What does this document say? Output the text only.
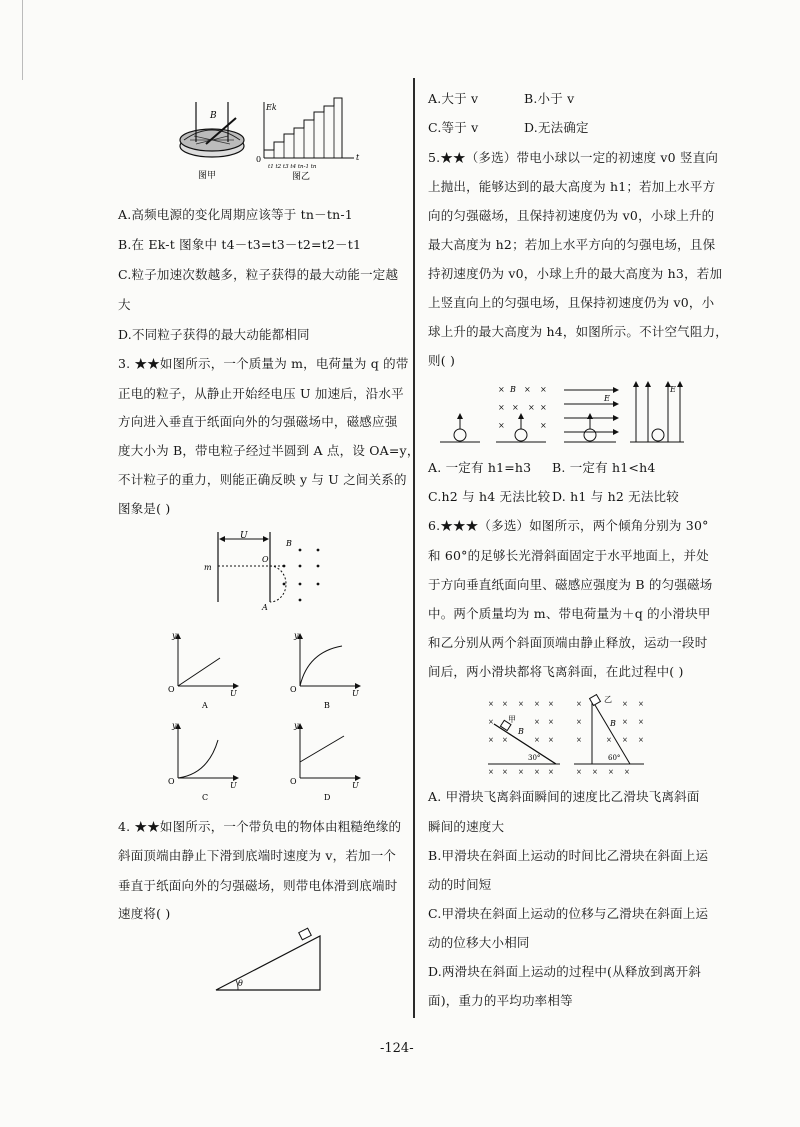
B
图甲
Ek
0	t
t1 t2 t3 t4 tn-1 tn
图乙
A.高频电源的变化周期应该等于 tn－tn-1
B.在 Ek-t 图象中 t4－t3=t3－t2=t2－t1
C.粒子加速次数越多，粒子获得的最大动能一定越
大
D.不同粒子获得的最大动能都相同
3. ★★如图所示，一个质量为 m，电荷量为 q 的带
正电的粒子，从静止开始经电压 U 加速后，沿水平
方向进入垂直于纸面向外的匀强磁场中，磁感应强
度大小为 B，带电粒子经过半圆到 A 点，设 OA=y，
不计粒子的重力，则能正确反映 y 与 U 之间关系的
图象是( )
U
O
m
A
B
y
O	U
A
y
O	U
B
y
O	U
C
y
O	U
D
4. ★★如图所示，一个带负电的物体由粗糙绝缘的
斜面顶端由静止下滑到底端时速度为 v，若加一个
垂直于纸面向外的匀强磁场，则带电体滑到底端时
速度将( )
θ
A.大于 v	B.小于 v
C.等于 v	D.无法确定
5.★★（多选）带电小球以一定的初速度 v0 竖直向
上抛出，能够达到的最大高度为 h1；若加上水平方
向的匀强磁场，且保持初速度仍为 v0，小球上升的
最大高度为 h2；若加上水平方向的匀强电场，且保
持初速度仍为 v0，小球上升的最大高度为 h3，若加
上竖直向上的匀强电场，且保持初速度仍为 v0，小
球上升的最大高度为 h4，如图所示。不计空气阻力，
则( )
× × ×
× × × ×
×	×
B
E
E
A. 一定有 h1=h3 B. 一定有 h1<h4
C.h2 与 h4 无法比较 D. h1 与 h2 无法比较
6.★★★（多选）如图所示，两个倾角分别为 30°
和 60°的足够长光滑斜面固定于水平地面上，并处
于方向垂直纸面向里、磁感应强度为 B 的匀强磁场
中。两个质量均为 m、带电荷量为＋q 的小滑块甲
和乙分别从两个斜面顶端由静止释放，运动一段时
间后，两小滑块都将飞离斜面，在此过程中( )
甲
B
30°
× × × × ×
×	× ×
× ×	× ×
× × × × ×
乙
B
60°
×	× ×
×	× ×
×	× × ×
× × × ×
A. 甲滑块飞离斜面瞬间的速度比乙滑块飞离斜面
瞬间的速度大
B.甲滑块在斜面上运动的时间比乙滑块在斜面上运
动的时间短
C.甲滑块在斜面上运动的位移与乙滑块在斜面上运
动的位移大小相同
D.两滑块在斜面上运动的过程中(从释放到离开斜
面)，重力的平均功率相等
-124-
